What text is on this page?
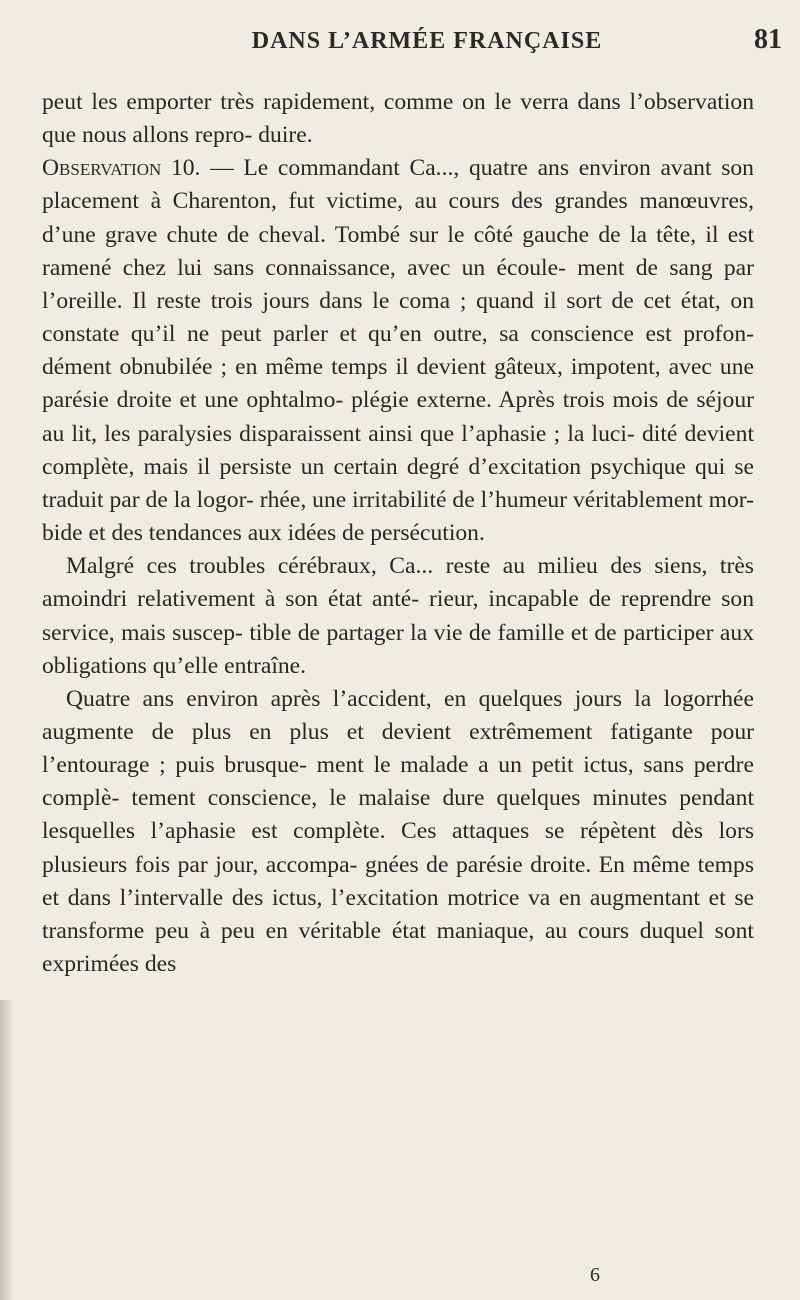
DANS L’ARMÉE FRANÇAISE	81

peut les emporter très rapidement, comme on le verra dans l’observation que nous allons repro- duire.

Observation 10. — Le commandant Ca..., quatre ans environ avant son placement à Charenton, fut victime, au cours des grandes manœuvres, d’une grave chute de cheval. Tombé sur le côté gauche de la tête, il est ramené chez lui sans connaissance, avec un écoule- ment de sang par l’oreille. Il reste trois jours dans le coma ; quand il sort de cet état, on constate qu’il ne peut parler et qu’en outre, sa conscience est profon- dément obnubilée ; en même temps il devient gâteux, impotent, avec une parésie droite et une ophtalmo- plégie externe. Après trois mois de séjour au lit, les paralysies disparaissent ainsi que l’aphasie ; la luci- dité devient complète, mais il persiste un certain degré d’excitation psychique qui se traduit par de la logor- rhée, une irritabilité de l’humeur véritablement mor- bide et des tendances aux idées de persécution.

Malgré ces troubles cérébraux, Ca... reste au milieu des siens, très amoindri relativement à son état anté- rieur, incapable de reprendre son service, mais suscep- tible de partager la vie de famille et de participer aux obligations qu’elle entraîne.

Quatre ans environ après l’accident, en quelques jours la logorrhée augmente de plus en plus et devient extrêmement fatigante pour l’entourage ; puis brusque- ment le malade a un petit ictus, sans perdre complè- tement conscience, le malaise dure quelques minutes pendant lesquelles l’aphasie est complète. Ces attaques se répètent dès lors plusieurs fois par jour, accompa- gnées de parésie droite. En même temps et dans l’intervalle des ictus, l’excitation motrice va en augmentant et se transforme peu à peu en véritable état maniaque, au cours duquel sont exprimées des

6
